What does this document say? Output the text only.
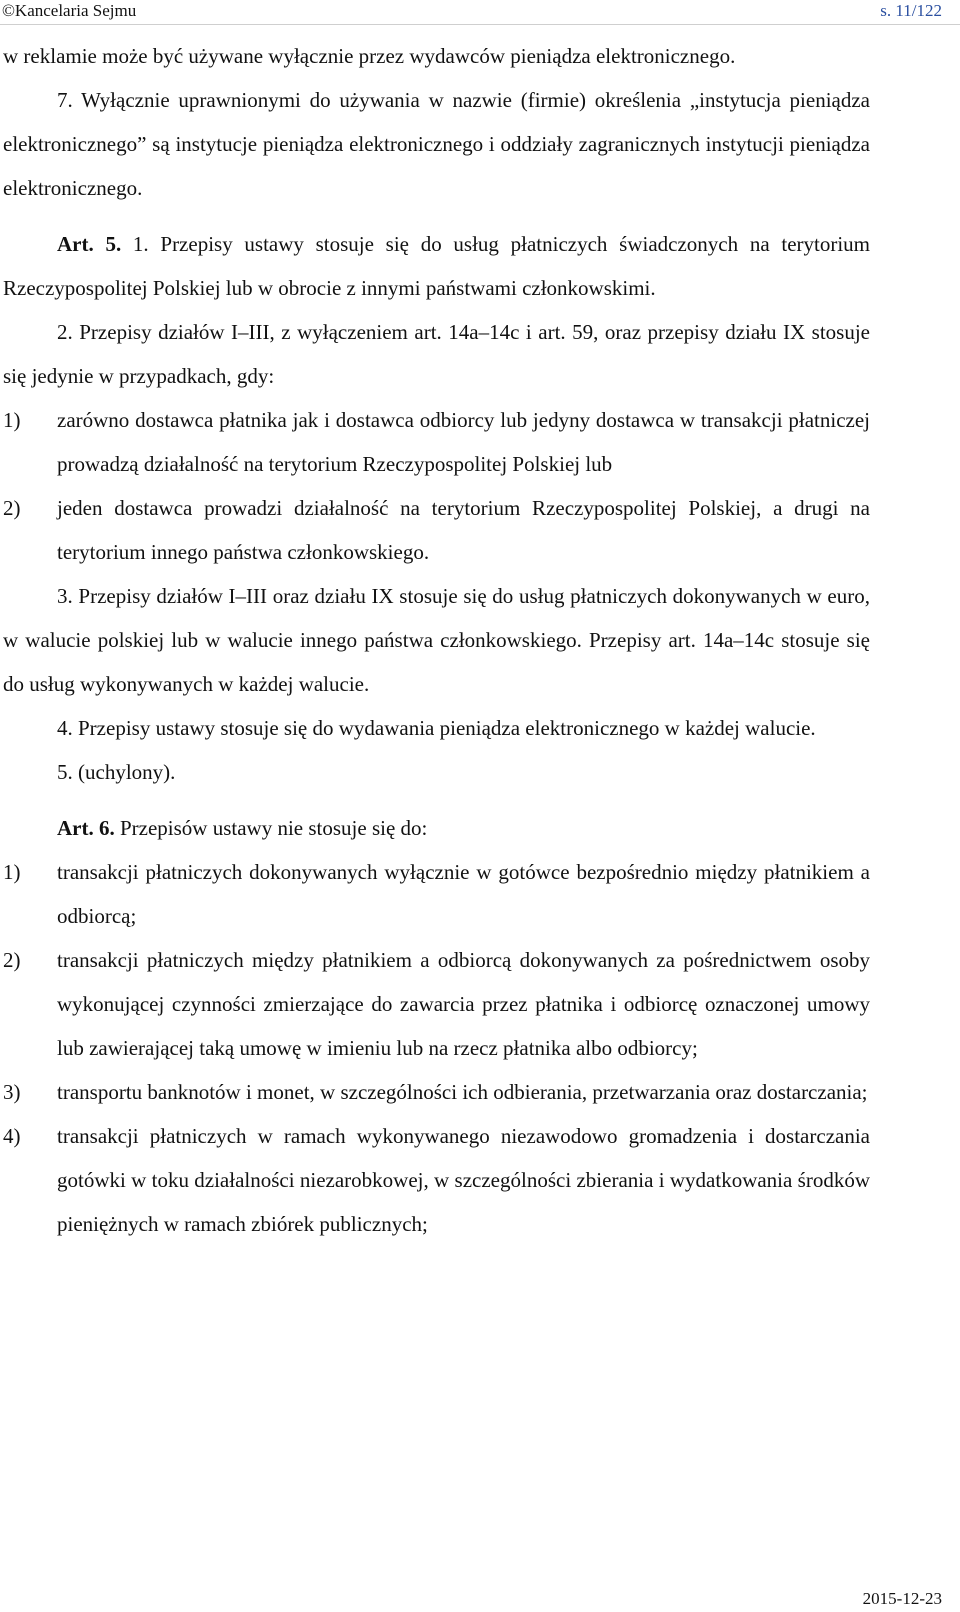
©Kancelaria Sejmu	s. 11/122

w reklamie może być używane wyłącznie przez wydawców pieniądza elektronicznego.

7. Wyłącznie uprawnionymi do używania w nazwie (firmie) określenia „instytucja pieniądza elektronicznego” są instytucje pieniądza elektronicznego i oddziały zagranicznych instytucji pieniądza elektronicznego.

Art. 5. 1. Przepisy ustawy stosuje się do usług płatniczych świadczonych na terytorium Rzeczypospolitej Polskiej lub w obrocie z innymi państwami członkowskimi.

2. Przepisy działów I–III, z wyłączeniem art. 14a–14c i art. 59, oraz przepisy działu IX stosuje się jedynie w przypadkach, gdy:

1) zarówno dostawca płatnika jak i dostawca odbiorcy lub jedyny dostawca w transakcji płatniczej prowadzą działalność na terytorium Rzeczypospolitej Polskiej lub

2) jeden dostawca prowadzi działalność na terytorium Rzeczypospolitej Polskiej, a drugi na terytorium innego państwa członkowskiego.

3. Przepisy działów I–III oraz działu IX stosuje się do usług płatniczych dokonywanych w euro, w walucie polskiej lub w walucie innego państwa członkowskiego. Przepisy art. 14a–14c stosuje się do usług wykonywanych w każdej walucie.

4. Przepisy ustawy stosuje się do wydawania pieniądza elektronicznego w każdej walucie.

5. (uchylony).

Art. 6. Przepisów ustawy nie stosuje się do:

1) transakcji płatniczych dokonywanych wyłącznie w gotówce bezpośrednio między płatnikiem a odbiorcą;

2) transakcji płatniczych między płatnikiem a odbiorcą dokonywanych za pośrednictwem osoby wykonującej czynności zmierzające do zawarcia przez płatnika i odbiorcę oznaczonej umowy lub zawierającej taką umowę w imieniu lub na rzecz płatnika albo odbiorcy;

3) transportu banknotów i monet, w szczególności ich odbierania, przetwarzania oraz dostarczania;

4) transakcji płatniczych w ramach wykonywanego niezawodowo gromadzenia i dostarczania gotówki w toku działalności niezarobkowej, w szczególności zbierania i wydatkowania środków pieniężnych w ramach zbiórek publicznych;

2015-12-23
